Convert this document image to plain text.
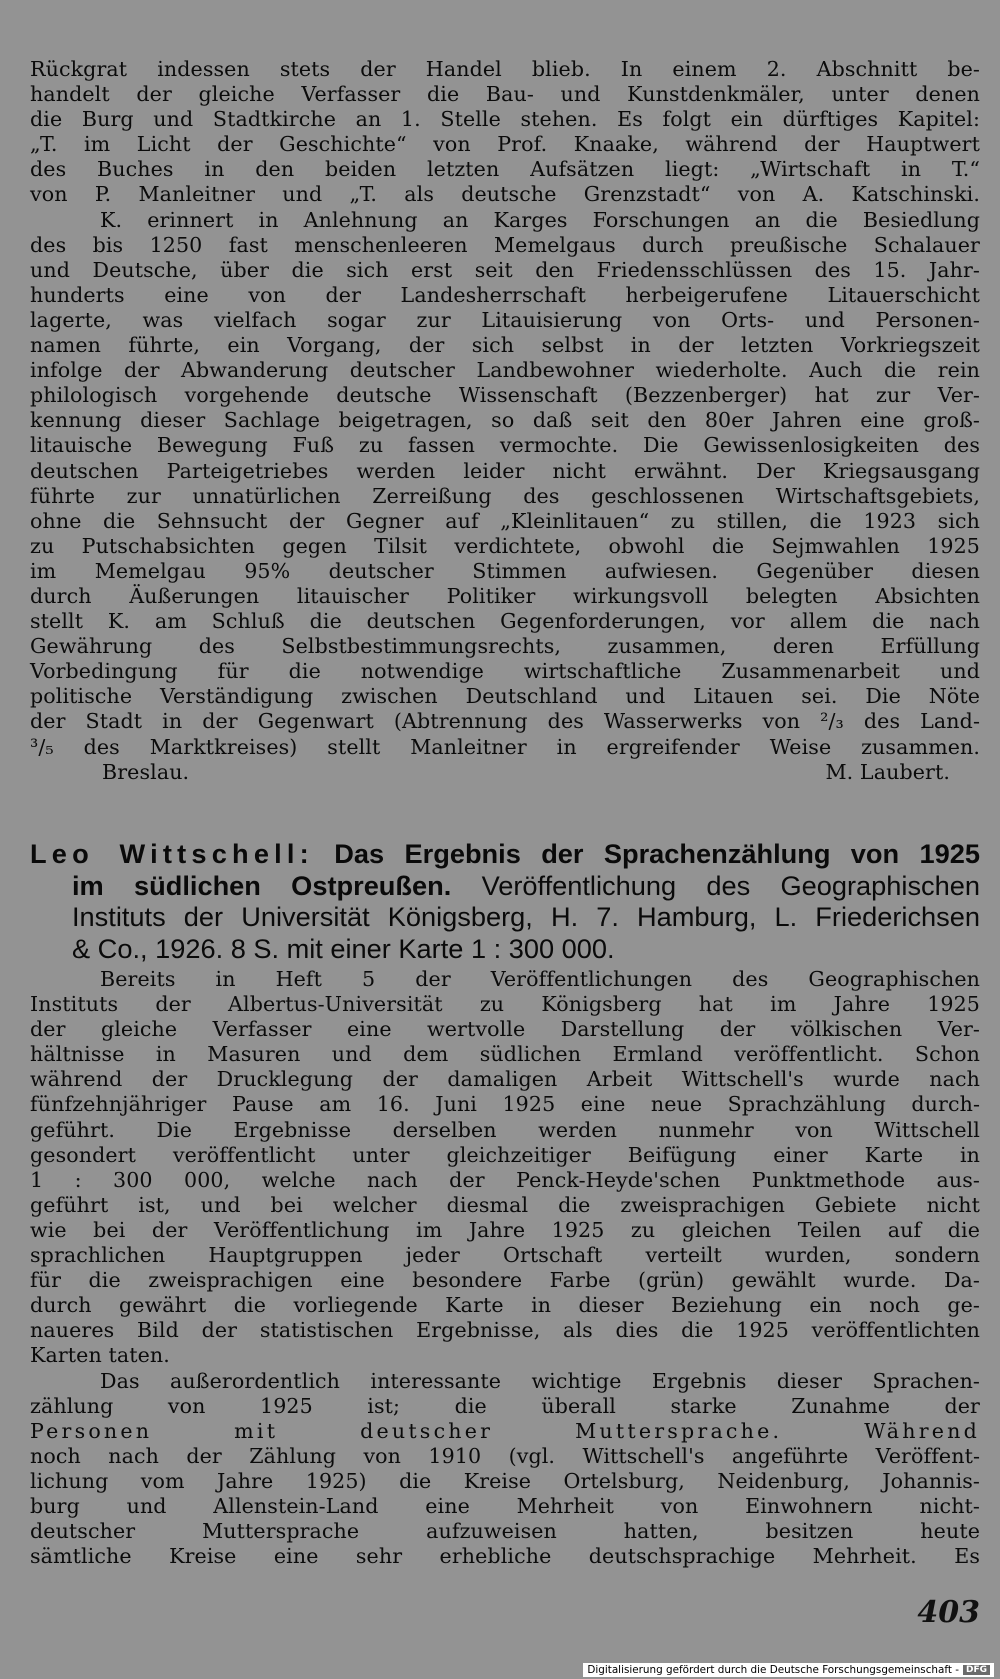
Rückgrat indessen stets der Handel blieb. In einem 2. Abschnitt be-

handelt der gleiche Verfasser die Bau- und Kunstdenkmäler, unter denen

die Burg und Stadtkirche an 1. Stelle stehen. Es folgt ein dürftiges Kapitel:

„T. im Licht der Geschichte“ von Prof. Knaake, während der Hauptwert

des Buches in den beiden letzten Aufsätzen liegt: „Wirtschaft in T.“

von P. Manleitner und „T. als deutsche Grenzstadt“ von A. Katschinski.

K. erinnert in Anlehnung an Karges Forschungen an die Besiedlung

des bis 1250 fast menschenleeren Memelgaus durch preußische Schalauer

und Deutsche, über die sich erst seit den Friedensschlüssen des 15. Jahr-

hunderts eine von der Landesherrschaft herbeigerufene Litauerschicht

lagerte, was vielfach sogar zur Litauisierung von Orts- und Personen-

namen führte, ein Vorgang, der sich selbst in der letzten Vorkriegszeit

infolge der Abwanderung deutscher Landbewohner wiederholte. Auch die rein

philologisch vorgehende deutsche Wissenschaft (Bezzenberger) hat zur Ver-

kennung dieser Sachlage beigetragen, so daß seit den 80er Jahren eine groß-

litauische Bewegung Fuß zu fassen vermochte. Die Gewissenlosigkeiten des

deutschen Parteigetriebes werden leider nicht erwähnt. Der Kriegsausgang

führte zur unnatürlichen Zerreißung des geschlossenen Wirtschaftsgebiets,

ohne die Sehnsucht der Gegner auf „Kleinlitauen“ zu stillen, die 1923 sich

zu Putschabsichten gegen Tilsit verdichtete, obwohl die Sejmwahlen 1925

im Memelgau 95% deutscher Stimmen aufwiesen. Gegenüber diesen

durch Äußerungen litauischer Politiker wirkungsvoll belegten Absichten

stellt K. am Schluß die deutschen Gegenforderungen, vor allem die nach

Gewährung des Selbstbestimmungsrechts, zusammen, deren Erfüllung

Vorbedingung für die notwendige wirtschaftliche Zusammenarbeit und

politische Verständigung zwischen Deutschland und Litauen sei. Die Nöte

der Stadt in der Gegenwart (Abtrennung des Wasserwerks von ²/₃ des Land-

³/₅ des Marktkreises) stellt Manleitner in ergreifender Weise zusammen.

Breslau.	M. Laubert.

Leo Wittschell: Das Ergebnis der Sprachenzählung von 1925

im südlichen Ostpreußen. Veröffentlichung des Geographischen

Instituts der Universität Königsberg, H. 7. Hamburg, L. Friederichsen

& Co., 1926. 8 S. mit einer Karte 1 : 300 000.

Bereits in Heft 5 der Veröffentlichungen des Geographischen

Instituts der Albertus-Universität zu Königsberg hat im Jahre 1925

der gleiche Verfasser eine wertvolle Darstellung der völkischen Ver-

hältnisse in Masuren und dem südlichen Ermland veröffentlicht. Schon

während der Drucklegung der damaligen Arbeit Wittschell's wurde nach

fünfzehnjähriger Pause am 16. Juni 1925 eine neue Sprachzählung durch-

geführt. Die Ergebnisse derselben werden nunmehr von Wittschell

gesondert veröffentlicht unter gleichzeitiger Beifügung einer Karte in

1 : 300 000, welche nach der Penck-Heyde'schen Punktmethode aus-

geführt ist, und bei welcher diesmal die zweisprachigen Gebiete nicht

wie bei der Veröffentlichung im Jahre 1925 zu gleichen Teilen auf die

sprachlichen Hauptgruppen jeder Ortschaft verteilt wurden, sondern

für die zweisprachigen eine besondere Farbe (grün) gewählt wurde. Da-

durch gewährt die vorliegende Karte in dieser Beziehung ein noch ge-

naueres Bild der statistischen Ergebnisse, als dies die 1925 veröffentlichten

Karten taten.

Das außerordentlich interessante wichtige Ergebnis dieser Sprachen-

zählung von 1925 ist; die überall starke Zunahme der

Personen mit deutscher Muttersprache. Während

noch nach der Zählung von 1910 (vgl. Wittschell's angeführte Veröffent-

lichung vom Jahre 1925) die Kreise Ortelsburg, Neidenburg, Johannis-

burg und Allenstein-Land eine Mehrheit von Einwohnern nicht-

deutscher Muttersprache aufzuweisen hatten, besitzen heute

sämtliche Kreise eine sehr erhebliche deutschsprachige Mehrheit. Es

403
Digitalisierung gefördert durch die Deutsche Forschungsgemeinschaft - DFG
